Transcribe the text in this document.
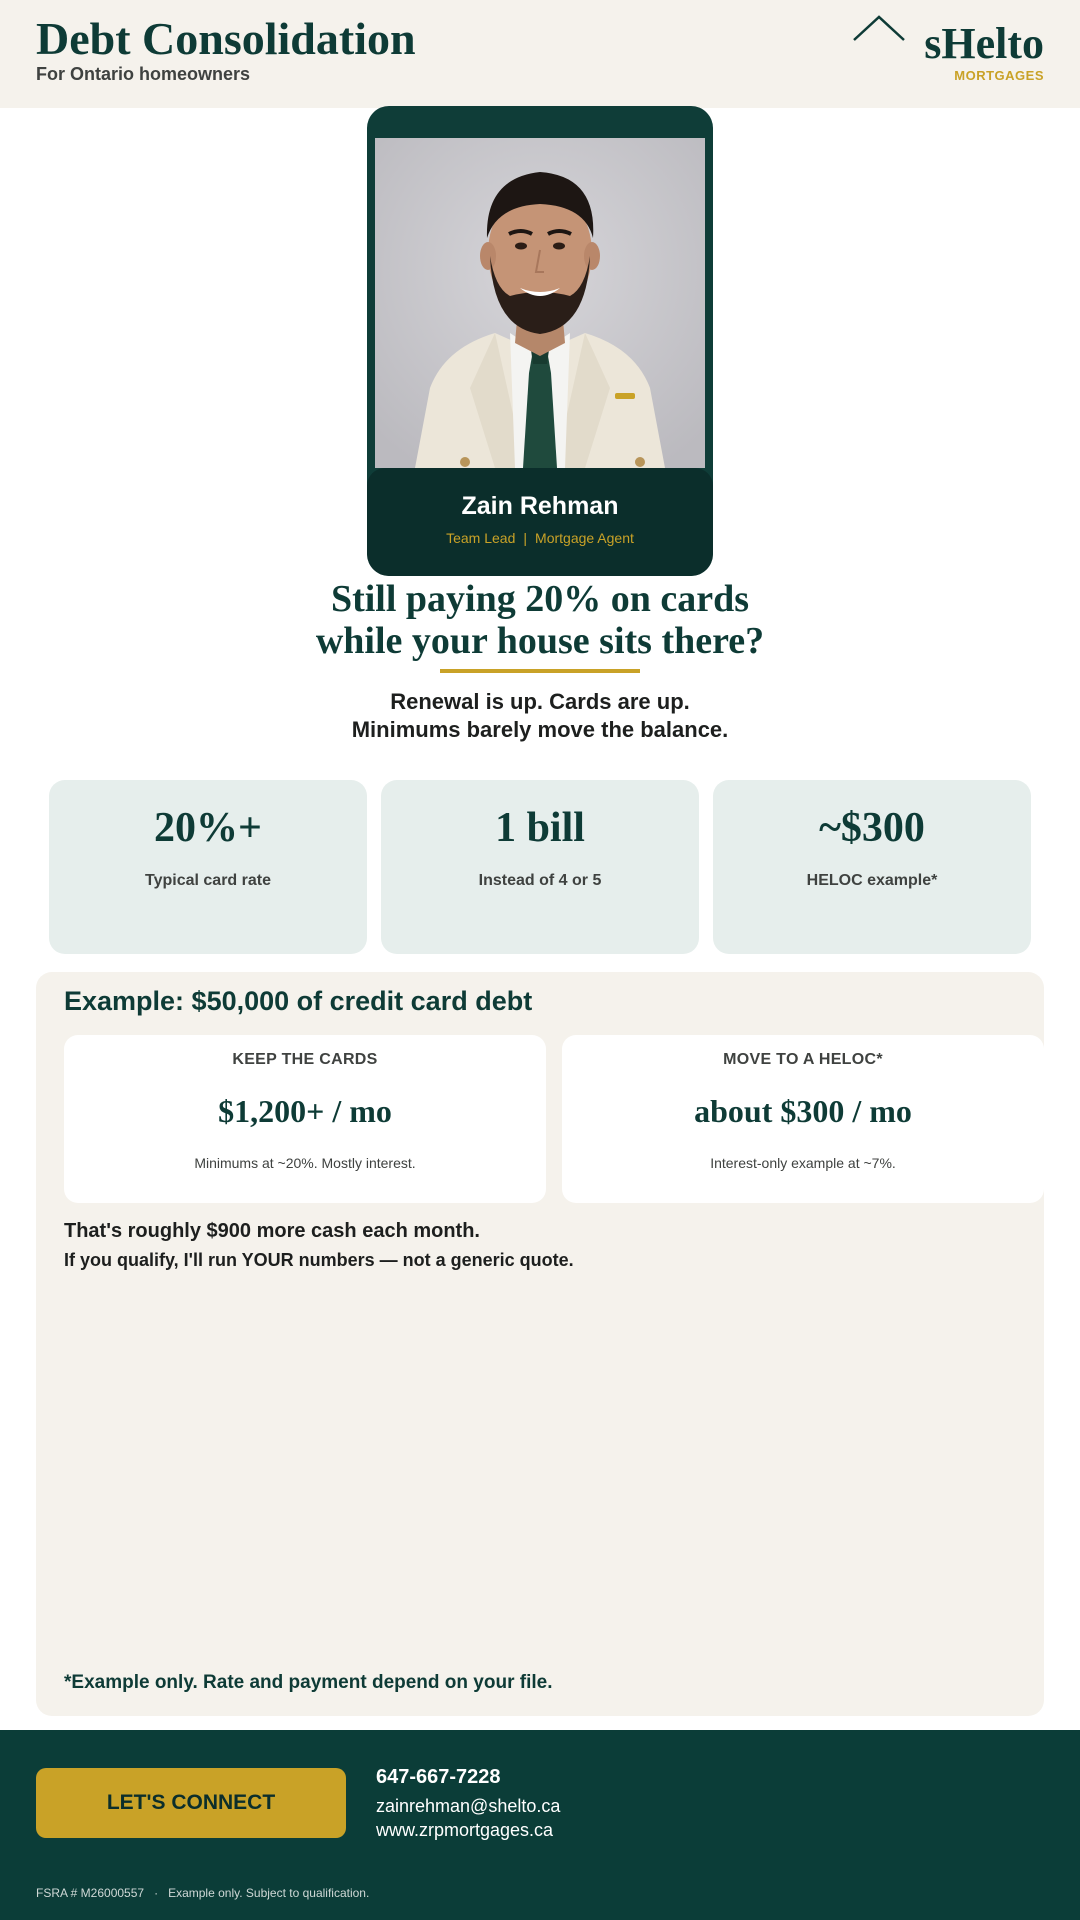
Debt Consolidation
For Ontario homeowners
sHelto
MORTGAGES
Zain Rehman
Team Lead | Mortgage Agent
Still paying 20% on cards
while your house sits there?
Renewal is up. Cards are up.
Minimums barely move the balance.
20%+
Typical card rate
1 bill
Instead of 4 or 5
~$300
HELOC example*
Example: $50,000 of credit card debt
KEEP THE CARDS
$1,200+ / mo
Minimums at ~20%. Mostly interest.
MOVE TO A HELOC*
about $300 / mo
Interest-only example at ~7%.
That's roughly $900 more cash each month.
If you qualify, I'll run YOUR numbers — not a generic quote.
*Example only. Rate and payment depend on your file.
LET'S CONNECT
647-667-7228
zainrehman@shelto.ca
www.zrpmortgages.ca
FSRA # M26000557 · Example only. Subject to qualification.
